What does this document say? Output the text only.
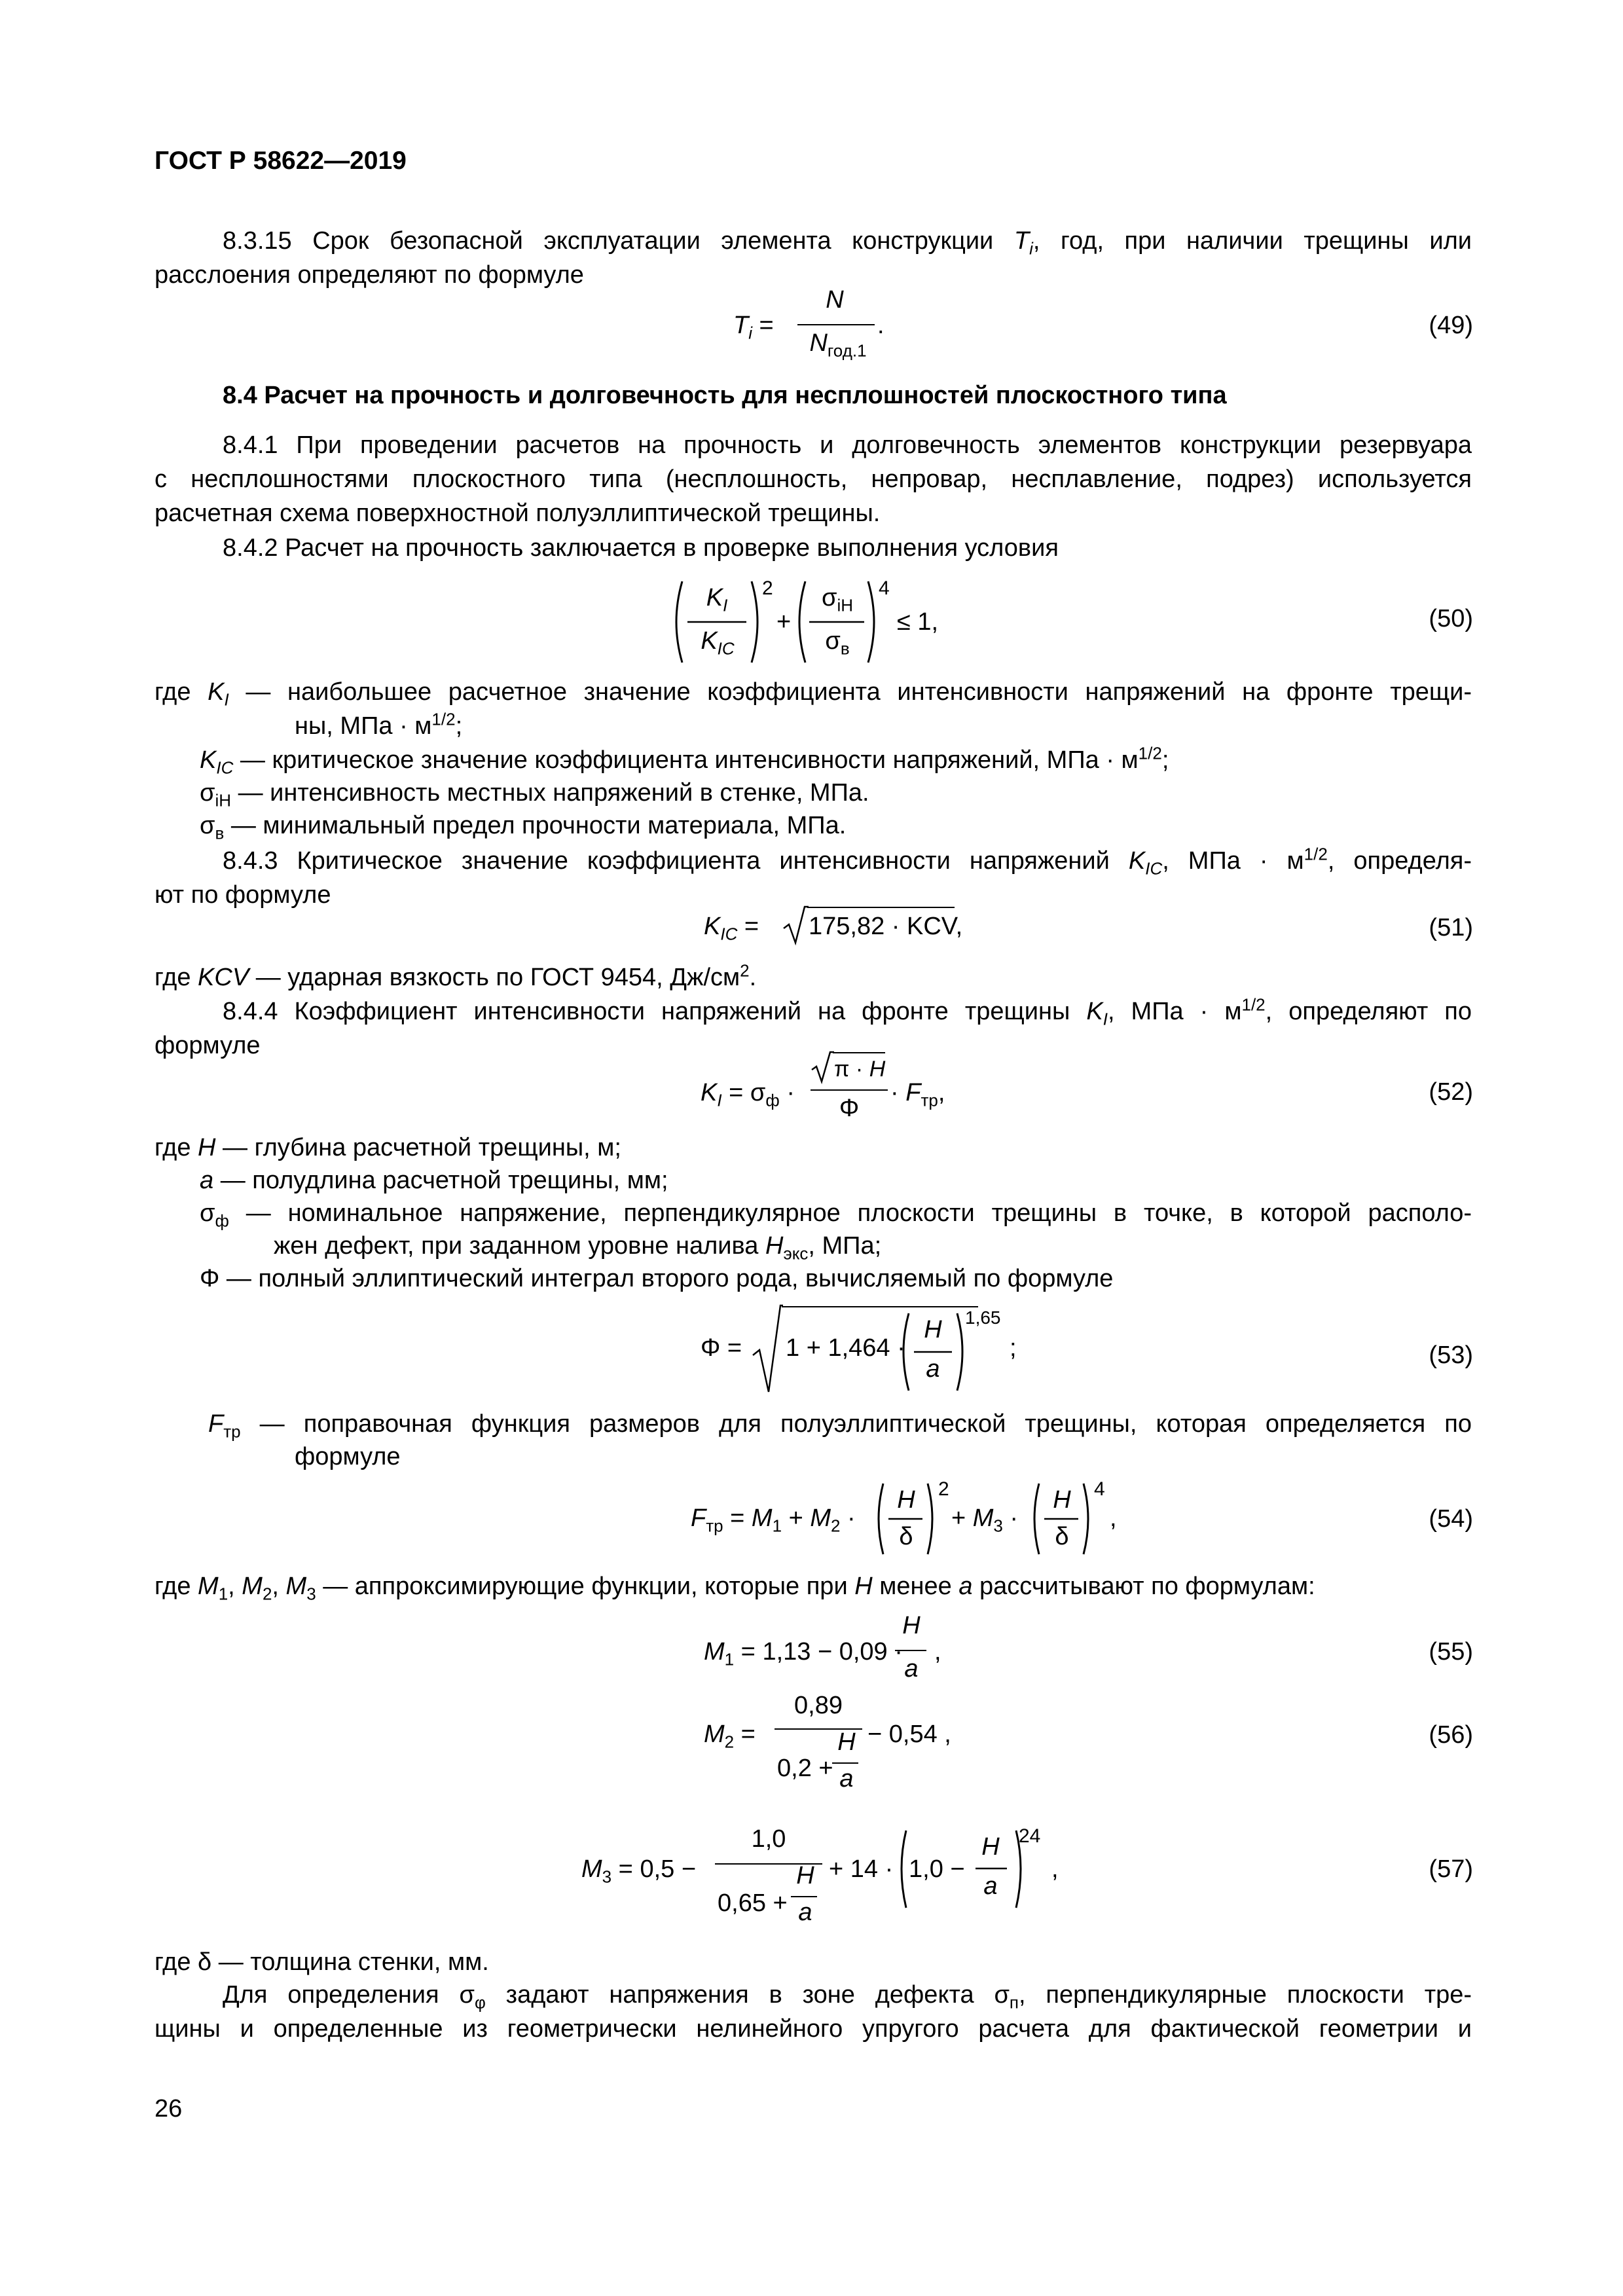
ГОСТ Р 58622—2019
8.3.15 Срок безопасной эксплуатации элемента конструкции $T_i$, год, при наличии трещины или
расслоения определяют по формуле
$T_i$ =
N
$N_{год.1}$
.	(49)
8.4 Расчет на прочность и долговечность для несплошностей плоскостного типа
8.4.1 При проведении расчетов на прочность и долговечность элементов конструкции резервуара
с несплошностями плоскостного типа (несплошность, непровар, несплавление, подрез) используется
расчетная схема поверхностной полуэллиптической трещины.
8.4.2 Расчет на прочность заключается в проверке выполнения условия
$K_I$
$K_{IC}$
2
+
$\sigma_{iH}$
$\sigma_в$
4
≤ 1,	(50)
где $K_I$ — наибольшее расчетное значение коэффициента интенсивности напряжений на фронте трещи-
ны, МПа · $м^{1/2}$;
$K_{IC}$ — критическое значение коэффициента интенсивности напряжений, МПа · $м^{1/2}$;
$\sigma_{iH}$ — интенсивность местных напряжений в стенке, МПа.
$\sigma_в$ — минимальный предел прочности материала, МПа.
8.4.3 Критическое значение коэффициента интенсивности напряжений $K_{IC}$, МПа · $м^{1/2}$, определя-
ют по формуле
$K_{IC} = 175,82$ · KCV,	(51)
где KCV — ударная вязкость по ГОСТ 9454, $Дж/см^2$.
8.4.4 Коэффициент интенсивности напряжений на фронте трещины $K_I$, МПа · $м^{1/2}$, определяют по
формуле
$K_I = \sigma_ф$ ·
π · H
Φ
· $F_{тр}$,	(52)
где H — глубина расчетной трещины, м;
a — полудлина расчетной трещины, мм;
$\sigma_ф$ — номинальное напряжение, перпендикулярное плоскости трещины в точке, в которой располо-
жен дефект, при заданном уровне налива $H_{экс}$, МПа;
Φ — полный эллиптический интеграл второго рода, вычисляемый по формуле
Φ = 1 + 1,464 ·
H
a
1,65
;	(53)
$F_{тр}$ — поправочная функция размеров для полуэллиптической трещины, которая определяется по
формуле
$F_{тр} = M_1 + M_2$ ·
H
δ
2
+ $M_3$ ·
H
δ
4
,	(54)
где $M_1$, $M_2$, $M_3$ — аппроксимирующие функции, которые при H менее a рассчитывают по формулам:
$M_1 = 1,13 - 0,09$ ·
H
a
,	(55)
$M_2$ =
0,89
0,2 +
H
a
− 0,54 ,	(56)
$M_3 = 0,5$ −
1,0
0,65 +
H
a
+ 14 · 1,0 −
H
a
24
,	(57)
где δ — толщина стенки, мм.
Для определения $\sigma_\varphi$ задают напряжения в зоне дефекта $\sigma_п$, перпендикулярные плоскости тре-
щины и определенные из геометрически нелинейного упругого расчета для фактической геометрии и
26
